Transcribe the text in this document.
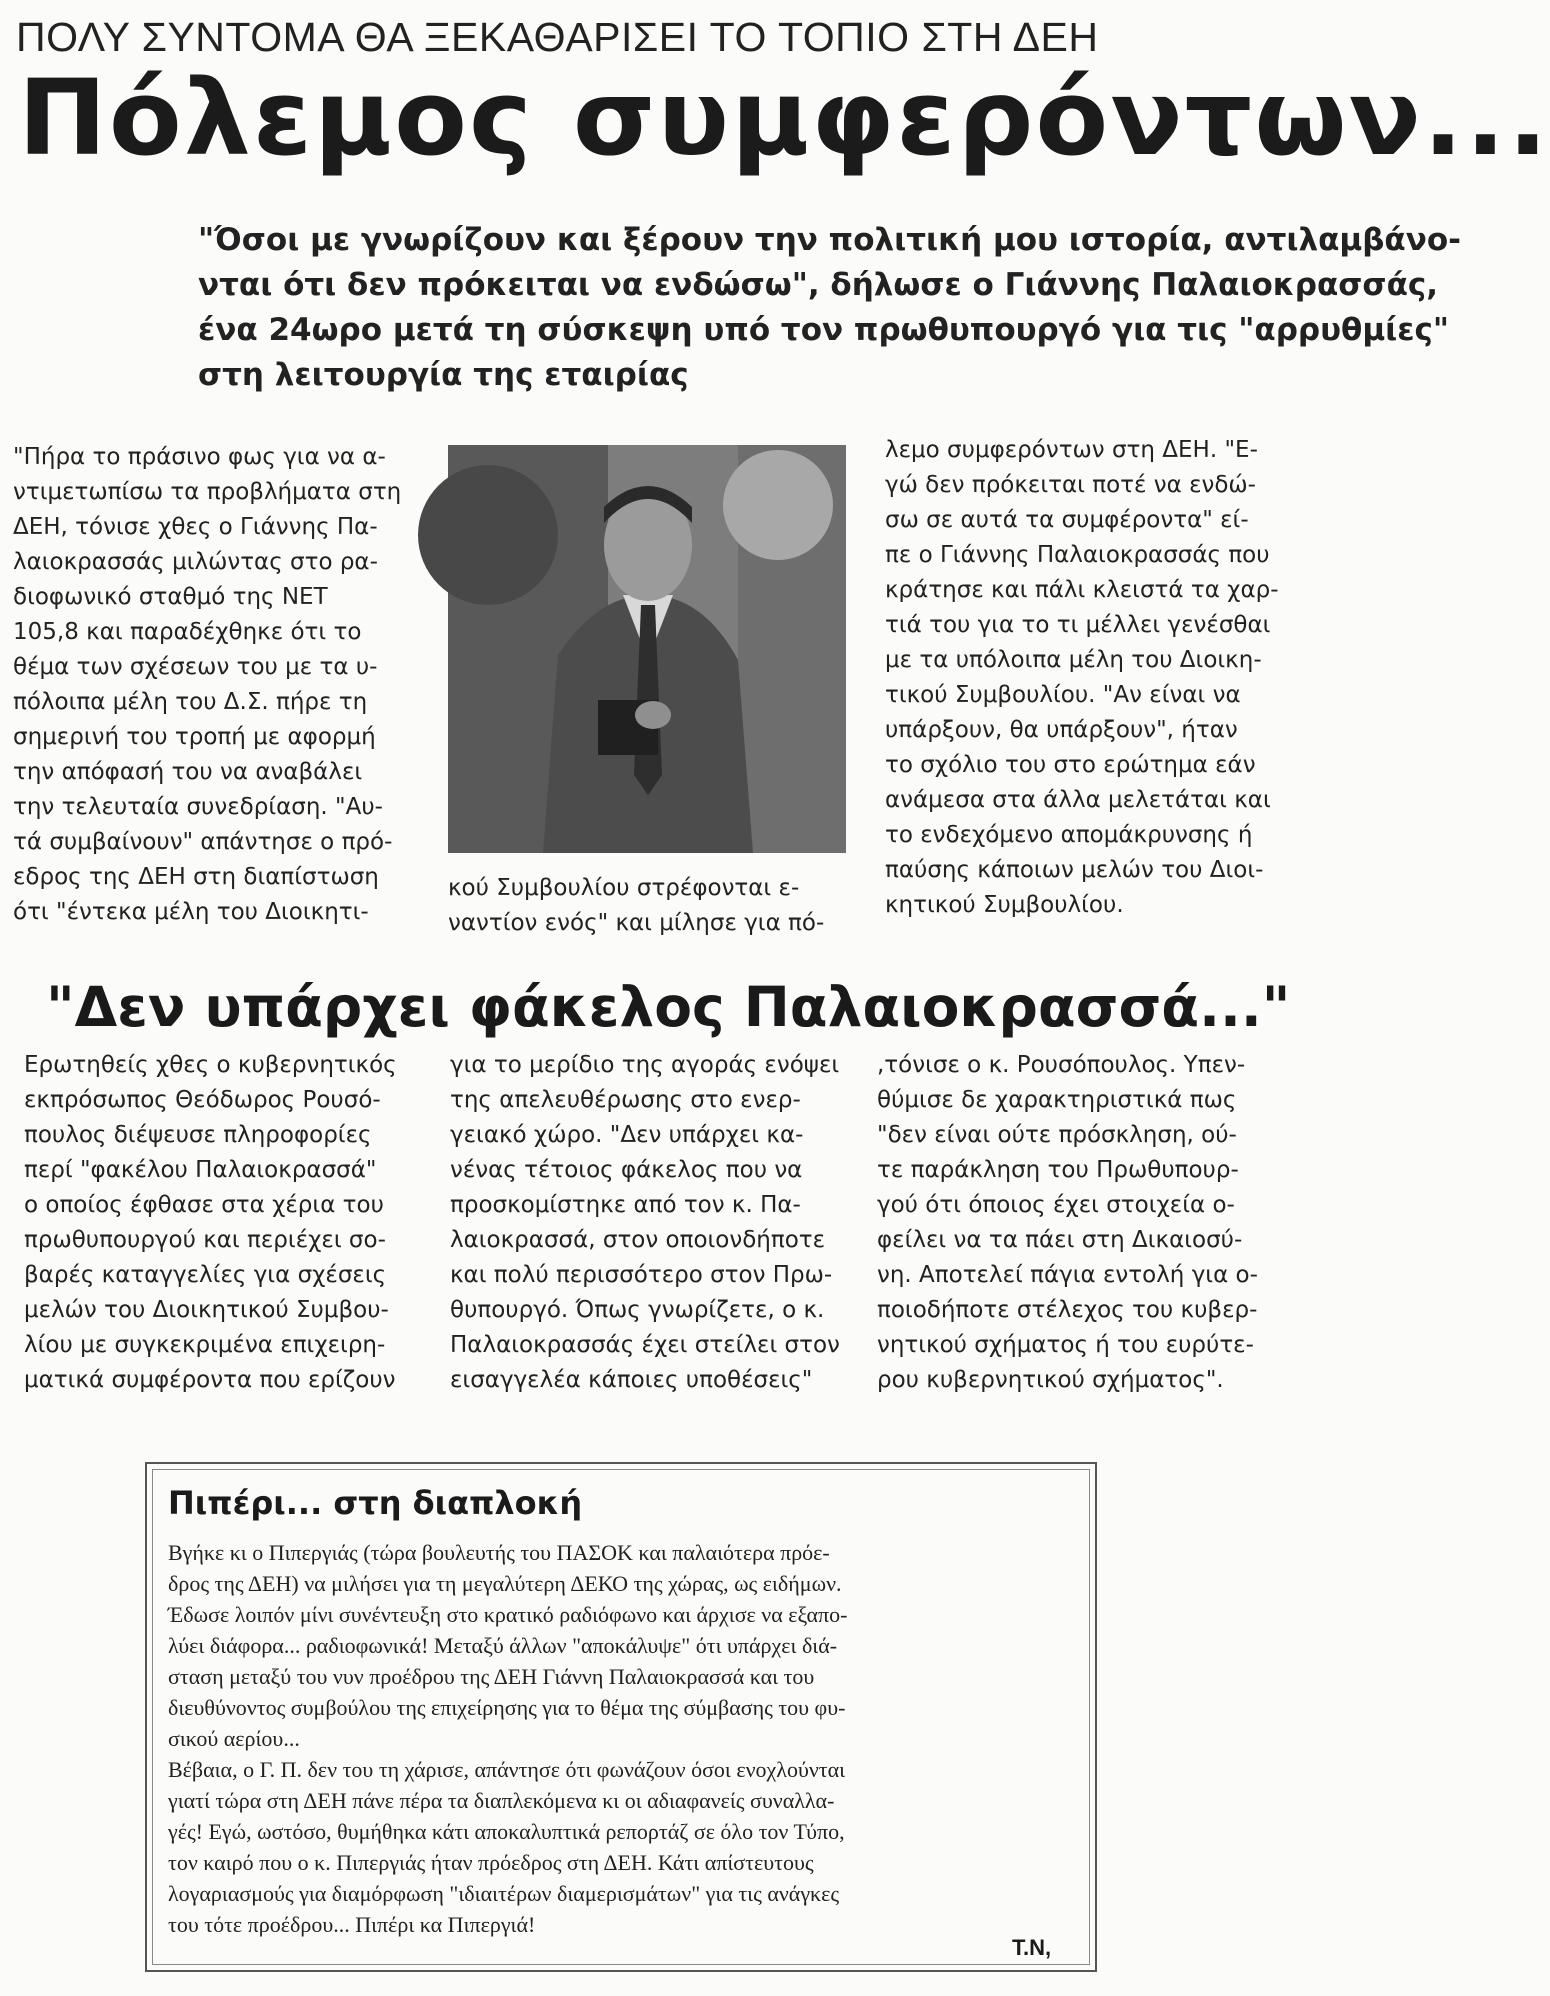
ΠΟΛΥ ΣΥΝΤΟΜΑ ΘΑ ΞΕΚΑΘΑΡΙΣΕΙ ΤΟ ΤΟΠΙΟ ΣΤΗ ΔΕΗ
Πόλεμος συμφερόντων...
"Όσοι με γνωρίζουν και ξέρουν την πολιτική μου ιστορία, αντιλαμβάνο-
νται ότι δεν πρόκειται να ενδώσω", δήλωσε ο Γιάννης Παλαιοκρασσάς,
ένα 24ωρο μετά τη σύσκεψη υπό τον πρωθυπουργό για τις "αρρυθμίες"
στη λειτουργία της εταιρίας
"Πήρα το πράσινο φως για να α-
ντιμετωπίσω τα προβλήματα στη
ΔΕΗ, τόνισε χθες ο Γιάννης Πα-
λαιοκρασσάς μιλώντας στο ρα-
διοφωνικό σταθμό της ΝΕΤ
105,8 και παραδέχθηκε ότι το
θέμα των σχέσεων του με τα υ-
πόλοιπα μέλη του Δ.Σ. πήρε τη
σημερινή του τροπή με αφορμή
την απόφασή του να αναβάλει
την τελευταία συνεδρίαση. "Αυ-
τά συμβαίνουν" απάντησε ο πρό-
εδρος της ΔΕΗ στη διαπίστωση
ότι "έντεκα μέλη του Διοικητι-
κού Συμβουλίου στρέφονται ε-
ναντίον ενός" και μίλησε για πό-
λεμο συμφερόντων στη ΔΕΗ. "Ε-
γώ δεν πρόκειται ποτέ να ενδώ-
σω σε αυτά τα συμφέροντα" εί-
πε ο Γιάννης Παλαιοκρασσάς που
κράτησε και πάλι κλειστά τα χαρ-
τιά του για το τι μέλλει γενέσθαι
με τα υπόλοιπα μέλη του Διοικη-
τικού Συμβουλίου. "Αν είναι να
υπάρξουν, θα υπάρξουν", ήταν
το σχόλιο του στο ερώτημα εάν
ανάμεσα στα άλλα μελετάται και
το ενδεχόμενο απομάκρυνσης ή
παύσης κάποιων μελών του Διοι-
κητικού Συμβουλίου.
"Δεν υπάρχει φάκελος Παλαιοκρασσά..."
Ερωτηθείς χθες ο κυβερνητικός
εκπρόσωπος Θεόδωρος Ρουσό-
πουλος διέψευσε πληροφορίες
περί "φακέλου Παλαιοκρασσά"
ο οποίος έφθασε στα χέρια του
πρωθυπουργού και περιέχει σο-
βαρές καταγγελίες για σχέσεις
μελών του Διοικητικού Συμβου-
λίου με συγκεκριμένα επιχειρη-
ματικά συμφέροντα που ερίζουν
για το μερίδιο της αγοράς ενόψει
της απελευθέρωσης στο ενερ-
γειακό χώρο. "Δεν υπάρχει κα-
νένας τέτοιος φάκελος που να
προσκομίστηκε από τον κ. Πα-
λαιοκρασσά, στον οποιονδήποτε
και πολύ περισσότερο στον Πρω-
θυπουργό. Όπως γνωρίζετε, ο κ.
Παλαιοκρασσάς έχει στείλει στον
εισαγγελέα κάποιες υποθέσεις"
,τόνισε ο κ. Ρουσόπουλος. Υπεν-
θύμισε δε χαρακτηριστικά πως
"δεν είναι ούτε πρόσκληση, ού-
τε παράκληση του Πρωθυπουρ-
γού ότι όποιος έχει στοιχεία ο-
φείλει να τα πάει στη Δικαιοσύ-
νη. Αποτελεί πάγια εντολή για ο-
ποιοδήποτε στέλεχος του κυβερ-
νητικού σχήματος ή του ευρύτε-
ρου κυβερνητικού σχήματος".
Πιπέρι... στη διαπλοκή
Βγήκε κι ο Πιπεργιάς (τώρα βουλευτής του ΠΑΣΟΚ και παλαιότερα πρόε-
δρος της ΔΕΗ) να μιλήσει για τη μεγαλύτερη ΔΕΚΟ της χώρας, ως ειδήμων.
Έδωσε λοιπόν μίνι συνέντευξη στο κρατικό ραδιόφωνο και άρχισε να εξαπο-
λύει διάφορα... ραδιοφωνικά! Μεταξύ άλλων "αποκάλυψε" ότι υπάρχει διά-
σταση μεταξύ του νυν προέδρου της ΔΕΗ Γιάννη Παλαιοκρασσά και του
διευθύνοντος συμβούλου της επιχείρησης για το θέμα της σύμβασης του φυ-
σικού αερίου...
Βέβαια, ο Γ. Π. δεν του τη χάρισε, απάντησε ότι φωνάζουν όσοι ενοχλούνται
γιατί τώρα στη ΔΕΗ πάνε πέρα τα διαπλεκόμενα κι οι αδιαφανείς συναλλα-
γές! Εγώ, ωστόσο, θυμήθηκα κάτι αποκαλυπτικά ρεπορτάζ σε όλο τον Τύπο,
τον καιρό που ο κ. Πιπεργιάς ήταν πρόεδρος στη ΔΕΗ. Κάτι απίστευτους
λογαριασμούς για διαμόρφωση "ιδιαιτέρων διαμερισμάτων" για τις ανάγκες
του τότε προέδρου... Πιπέρι κα Πιπεργιά!
Τ.Ν,
